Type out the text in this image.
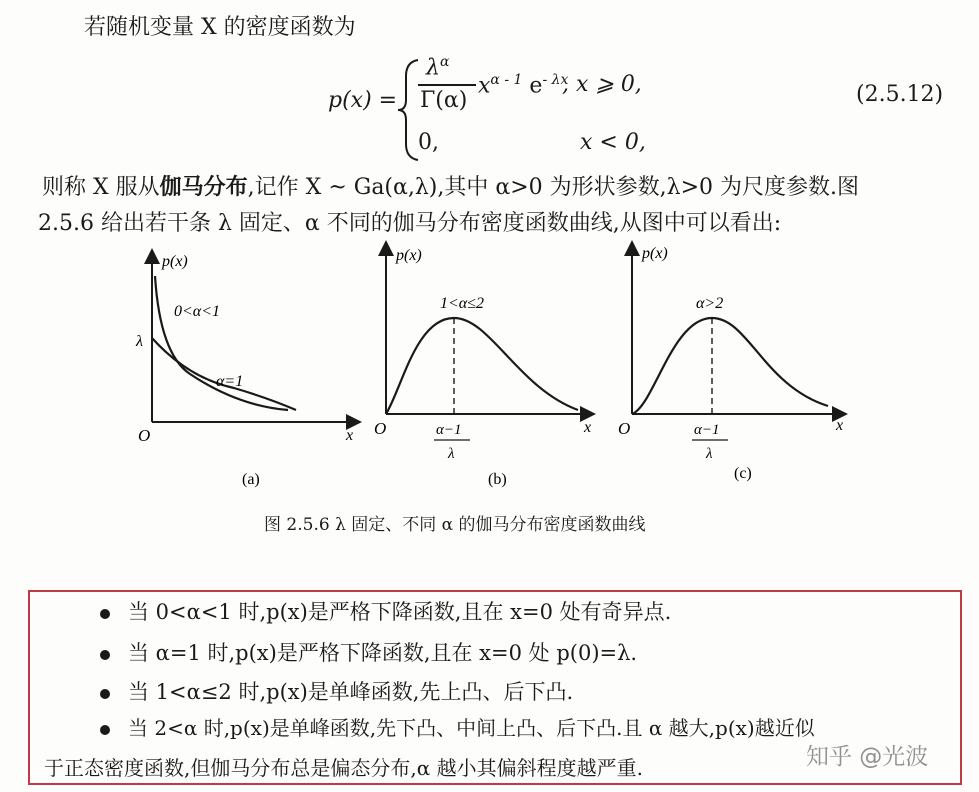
若随机变量 X 的密度函数为
p(x) =
$\lambda^\alpha$
Γ(α)
$x^{\alpha - 1}$ $e^{- \lambda x}$
, x ⩾ 0,
0,	x < 0,
(2.5.12)
则称 X 服从伽马分布,记作 X ~ Ga(α,λ),其中 α>0 为形状参数,λ>0 为尺度参数.图
2.5.6 给出若干条 λ 固定、α 不同的伽马分布密度函数曲线,从图中可以看出:
p(x)
x
O
λ
0<α<1
α=1
(a)
p(x)
x
O
1<α≤2
α−1
λ
(b)
p(x)
x
O
α>2
α−1
λ
(c)
图 2.5.6 λ 固定、不同 α 的伽马分布密度函数曲线
当 0<α<1 时,p(x)是严格下降函数,且在 x=0 处有奇异点.
当 α=1 时,p(x)是严格下降函数,且在 x=0 处 p(0)=λ.
当 1<α≤2 时,p(x)是单峰函数,先上凸、后下凸.
当 2<α 时,p(x)是单峰函数,先下凸、中间上凸、后下凸.且 α 越大,p(x)越近似
于正态密度函数,但伽马分布总是偏态分布,α 越小其偏斜程度越严重.	知乎 @光波
